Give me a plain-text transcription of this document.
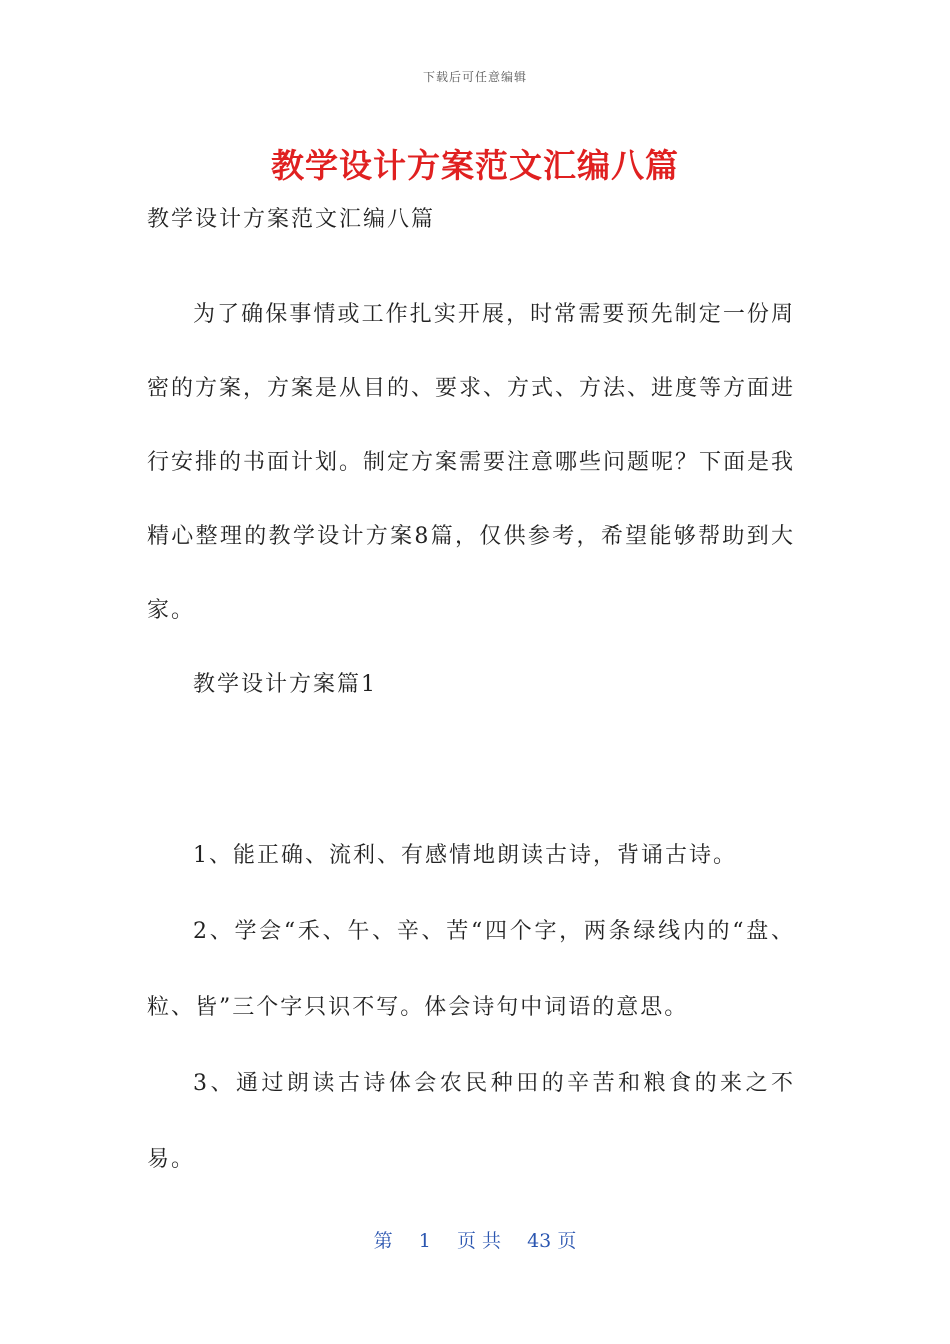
下载后可任意编辑
教学设计方案范文汇编八篇

教学设计方案范文汇编八篇

为了确保事情或工作扎实开展，时常需要预先制定一份周密的方案，方案是从目的、要求、方式、方法、进度等方面进行安排的书面计划。制定方案需要注意哪些问题呢？下面是我精心整理的教学设计方案8篇，仅供参考，希望能够帮助到大家。

教学设计方案篇1

1、能正确、流利、有感情地朗读古诗，背诵古诗。

2、学会“禾、午、辛、苦“四个字，两条绿线内的“盘、粒、皆”三个字只识不写。体会诗句中词语的意思。

3、通过朗读古诗体会农民种田的辛苦和粮食的来之不易。

第 1 页 共 43 页
